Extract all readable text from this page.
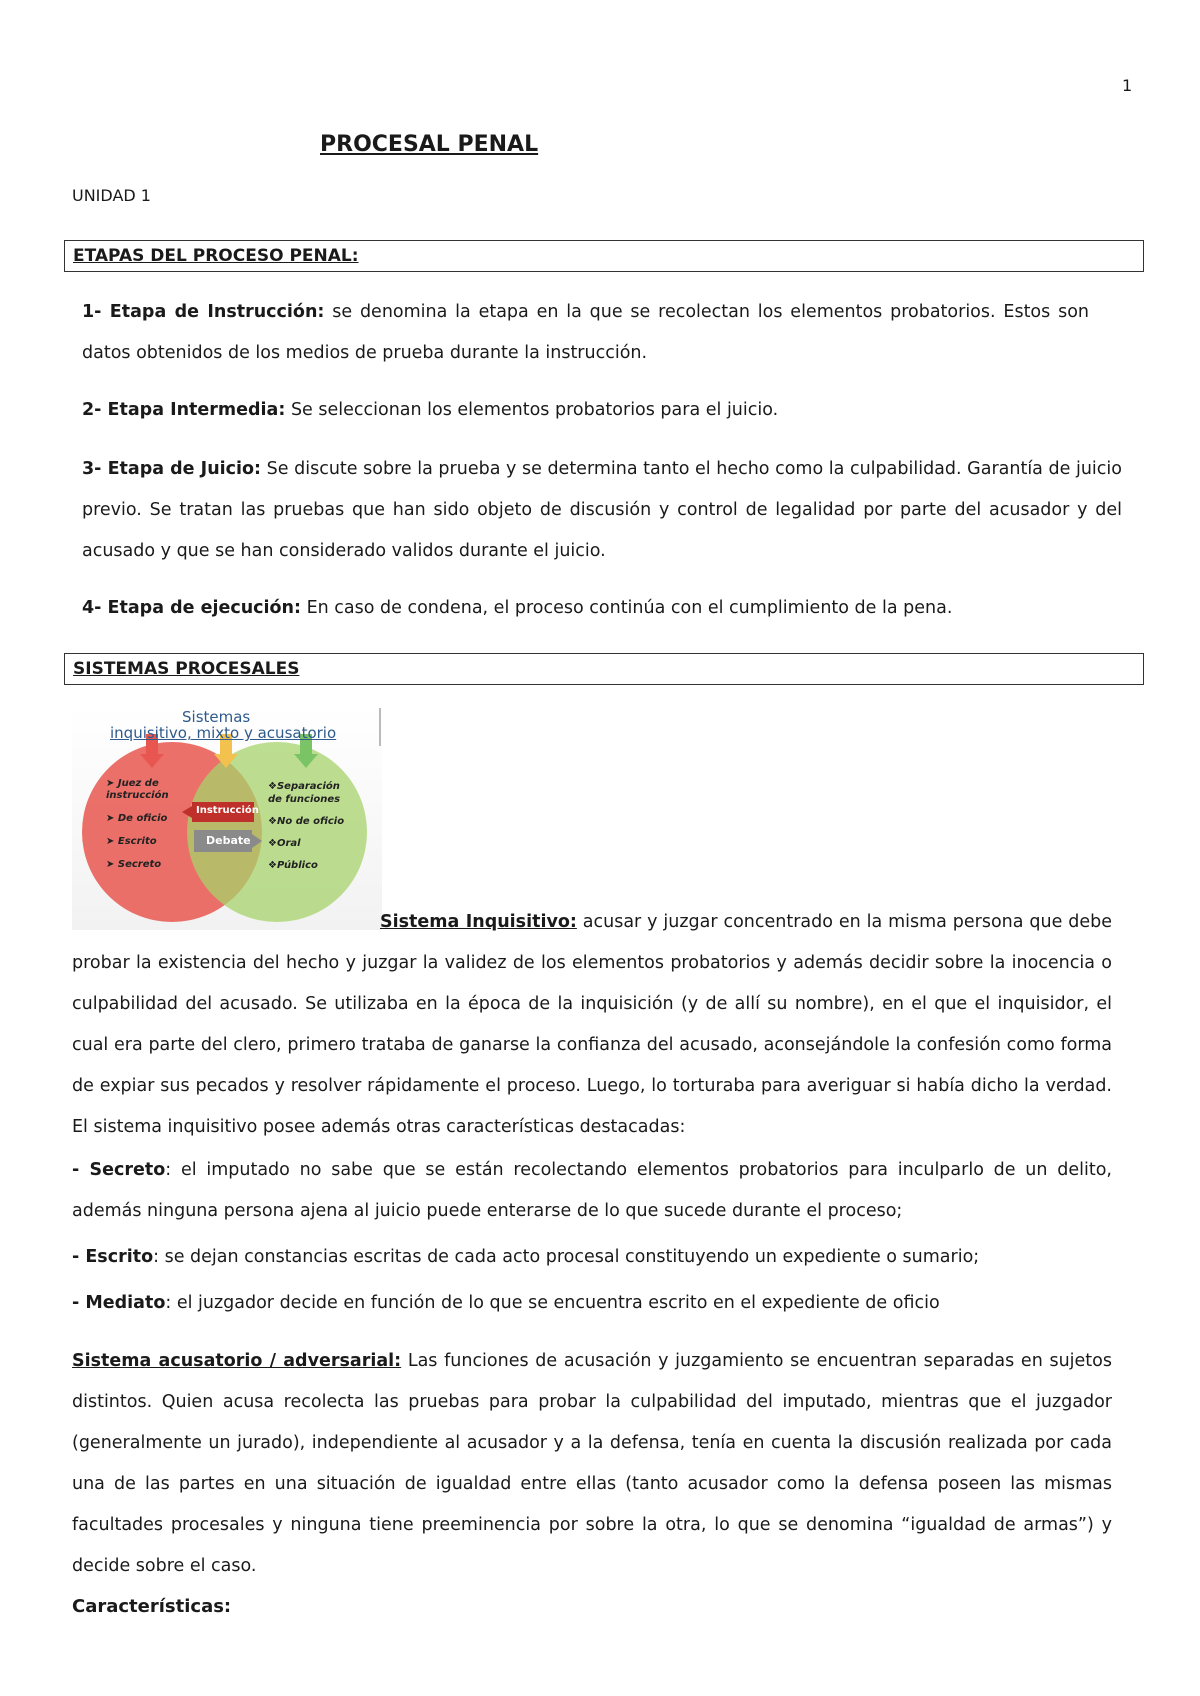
1
PROCESAL PENAL
UNIDAD 1
ETAPAS DEL PROCESO PENAL:
1- Etapa de Instrucción: se denomina la etapa en la que se recolectan los elementos probatorios. Estos son datos obtenidos de los medios de prueba durante la instrucción.
2- Etapa Intermedia: Se seleccionan los elementos probatorios para el juicio.
3- Etapa de Juicio: Se discute sobre la prueba y se determina tanto el hecho como la culpabilidad. Garantía de juicio previo. Se tratan las pruebas que han sido objeto de discusión y control de legalidad por parte del acusador y del acusado y que se han considerado validos durante el juicio.
4- Etapa de ejecución: En caso de condena, el proceso continúa con el cumplimiento de la pena.
SISTEMAS PROCESALES
Sistemas
inquisitivo, mixto y acusatorio
➤ Juez de instrucción
➤ De oficio
➤ Escrito
➤ Secreto
Instrucción
Debate
❖Separación de funciones
❖No de oficio
❖Oral
❖Público
Sistema Inquisitivo: acusar y juzgar concentrado en la misma persona que debe probar la existencia del hecho y juzgar la validez de los elementos probatorios y además decidir sobre la inocencia o culpabilidad del acusado. Se utilizaba en la época de la inquisición (y de allí su nombre), en el que el inquisidor, el cual era parte del clero, primero trataba de ganarse la confianza del acusado, aconsejándole la confesión como forma de expiar sus pecados y resolver rápidamente el proceso. Luego, lo torturaba para averiguar si había dicho la verdad. El sistema inquisitivo posee además otras características destacadas:
- Secreto: el imputado no sabe que se están recolectando elementos probatorios para inculparlo de un delito, además ninguna persona ajena al juicio puede enterarse de lo que sucede durante el proceso;
- Escrito: se dejan constancias escritas de cada acto procesal constituyendo un expediente o sumario;
- Mediato: el juzgador decide en función de lo que se encuentra escrito en el expediente de oficio
Sistema acusatorio / adversarial: Las funciones de acusación y juzgamiento se encuentran separadas en sujetos distintos. Quien acusa recolecta las pruebas para probar la culpabilidad del imputado, mientras que el juzgador (generalmente un jurado), independiente al acusador y a la defensa, tenía en cuenta la discusión realizada por cada una de las partes en una situación de igualdad entre ellas (tanto acusador como la defensa poseen las mismas facultades procesales y ninguna tiene preeminencia por sobre la otra, lo que se denomina “igualdad de armas”) y decide sobre el caso.
Características:
